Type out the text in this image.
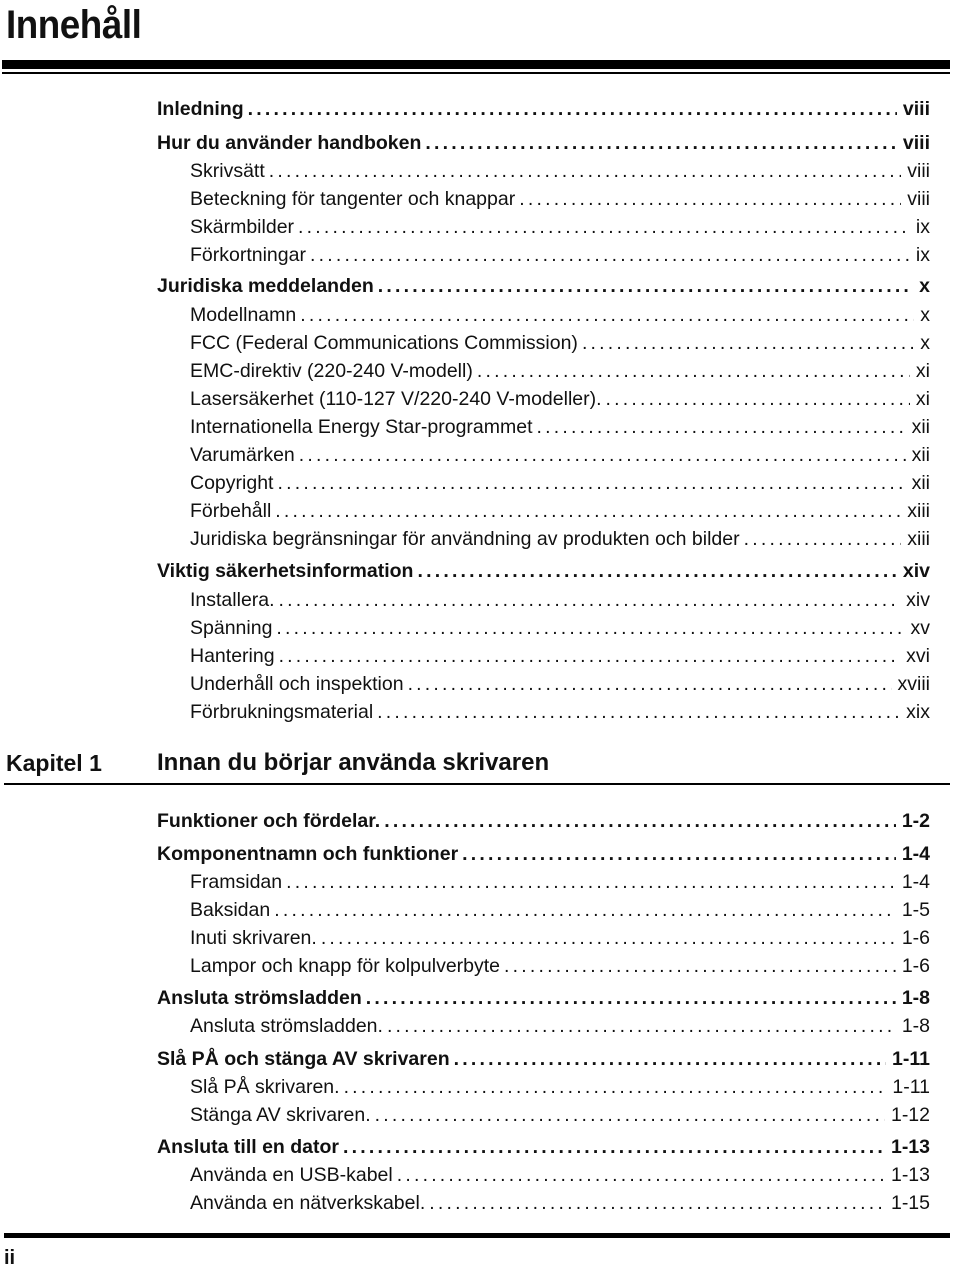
Innehåll
Inledning .....	viii
Hur du använder handboken .....	viii
Skrivsätt .....	viii
Beteckning för tangenter och knappar .....	viii
Skärmbilder .....	ix
Förkortningar .....	ix
Juridiska meddelanden .....	x
Modellnamn .....	x
FCC (Federal Communications Commission) .....	x
EMC-direktiv (220-240 V-modell) .....	xi
Lasersäkerhet (110-127 V/220-240 V-modeller). .....	xi
Internationella Energy Star-programmet .....	xii
Varumärken .....	xii
Copyright .....	xii
Förbehåll .....	xiii
Juridiska begränsningar för användning av produkten och bilder .....	xiii
Viktig säkerhetsinformation .....	xiv
Installera. .....	xiv
Spänning .....	xv
Hantering .....	xvi
Underhåll och inspektion .....	xviii
Förbrukningsmaterial .....	xix
Kapitel 1 Innan du börjar använda skrivaren
Funktioner och fördelar. .....	1-2
Komponentnamn och funktioner .....	1-4
Framsidan .....	1-4
Baksidan .....	1-5
Inuti skrivaren. .....	1-6
Lampor och knapp för kolpulverbyte .....	1-6
Ansluta strömsladden .....	1-8
Ansluta strömsladden. .....	1-8
Slå PÅ och stänga AV skrivaren .....	1-11
Slå PÅ skrivaren. .....	1-11
Stänga AV skrivaren. .....	1-12
Ansluta till en dator .....	1-13
Använda en USB-kabel .....	1-13
Använda en nätverkskabel. .....	1-15
ii
